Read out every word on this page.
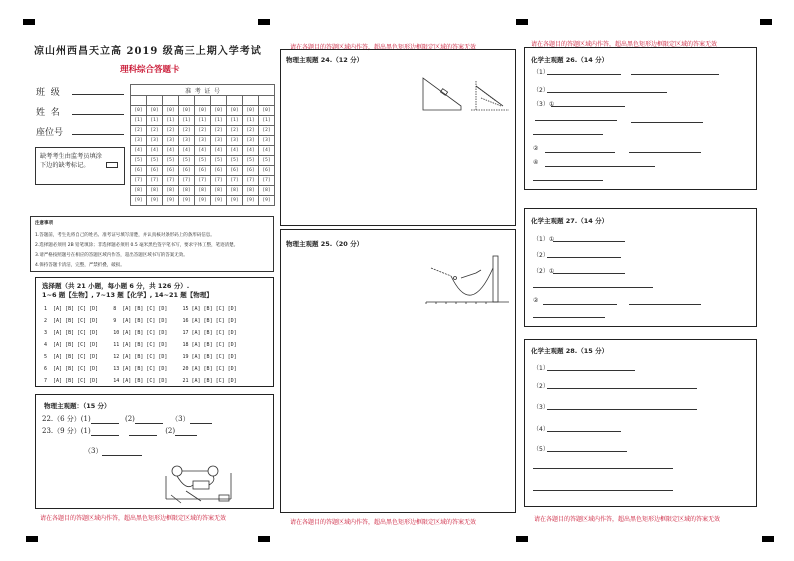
凉山州西昌天立高 2019 级高三上期入学考试
理科综合答题卡
班  级
姓  名
座位号
准 考 证 号								

[0]	[0]	[0]	[0]	[0]	[0]	[0]	[0]	[0]
[1]	[1]	[1]	[1]	[1]	[1]	[1]	[1]	[1]
[2]	[2]	[2]	[2]	[2]	[2]	[2]	[2]	[2]
[3]	[3]	[3]	[3]	[3]	[3]	[3]	[3]	[3]
[4]	[4]	[4]	[4]	[4]	[4]	[4]	[4]	[4]
[5]	[5]	[5]	[5]	[5]	[5]	[5]	[5]	[5]
[6]	[6]	[6]	[6]	[6]	[6]	[6]	[6]	[6]
[7]	[7]	[7]	[7]	[7]	[7]	[7]	[7]	[7]
[8]	[8]	[8]	[8]	[8]	[8]	[8]	[8]	[8]
[9]	[9]	[9]	[9]	[9]	[9]	[9]	[9]	[9]
缺考考生由监考员填涂下边的缺考标记。
注意事项
1.答题前，考生先将自己的姓名、准考证号填写清楚，并认真核对条形码上的条形码信息。
2.选择题必须用 2B 铅笔填涂；非选择题必须用 0.5 毫米黑色签字笔书写，要求字体工整，笔迹清楚。
3.请严格按照题号在相应的答题区域内作答，超出答题区域书写的答案无效。
4.保持答题卡清洁，完整，严禁折叠，破损。
选择题（共 21 小题，每小题 6 分，共 126 分）.
1~6 题【生物】, 7~13 题【化学】, 14~21 题【物理】
1  [A] [B] [C] [D]     8  [A] [B] [C] [D]     15 [A] [B] [C] [D]
2  [A] [B] [C] [D]     9  [A] [B] [C] [D]     16 [A] [B] [C] [D]
3  [A] [B] [C] [D]     10 [A] [B] [C] [D]     17 [A] [B] [C] [D]
4  [A] [B] [C] [D]     11 [A] [B] [C] [D]     18 [A] [B] [C] [D]
5  [A] [B] [C] [D]     12 [A] [B] [C] [D]     19 [A] [B] [C] [D]
6  [A] [B] [C] [D]     13 [A] [B] [C] [D]     20 [A] [B] [C] [D]
7  [A] [B] [C] [D]     14 [A] [B] [C] [D]     21 [A] [B] [C] [D]
物理主观题：（15 分）
22.（6 分）(1)	(2)	（3）
23.（9 分）(1)	(2)
（3）
请在各题目的答题区域内作答，超出黑色矩形边框限定区域的答案无效
请在各题目的答题区域内作答，超出黑色矩形边框限定区域的答案无效
物理主观题 24.（12 分）
物理主观题 25.（20 分）
请在各题目的答题区域内作答，超出黑色矩形边框限定区域的答案无效
请在各题目的答题区域内作答，超出黑色矩形边框限定区域的答案无效
化学主观题 26.（14 分）
（1）
（2）
（3）①
②
④
化学主观题 27.（14 分）
（1）①
（2）
（2）①
②
化学主观题 28.（15 分）
（1）
（2）
（3）
（4）
（5）
请在各题目的答题区域内作答，超出黑色矩形边框限定区域的答案无效
